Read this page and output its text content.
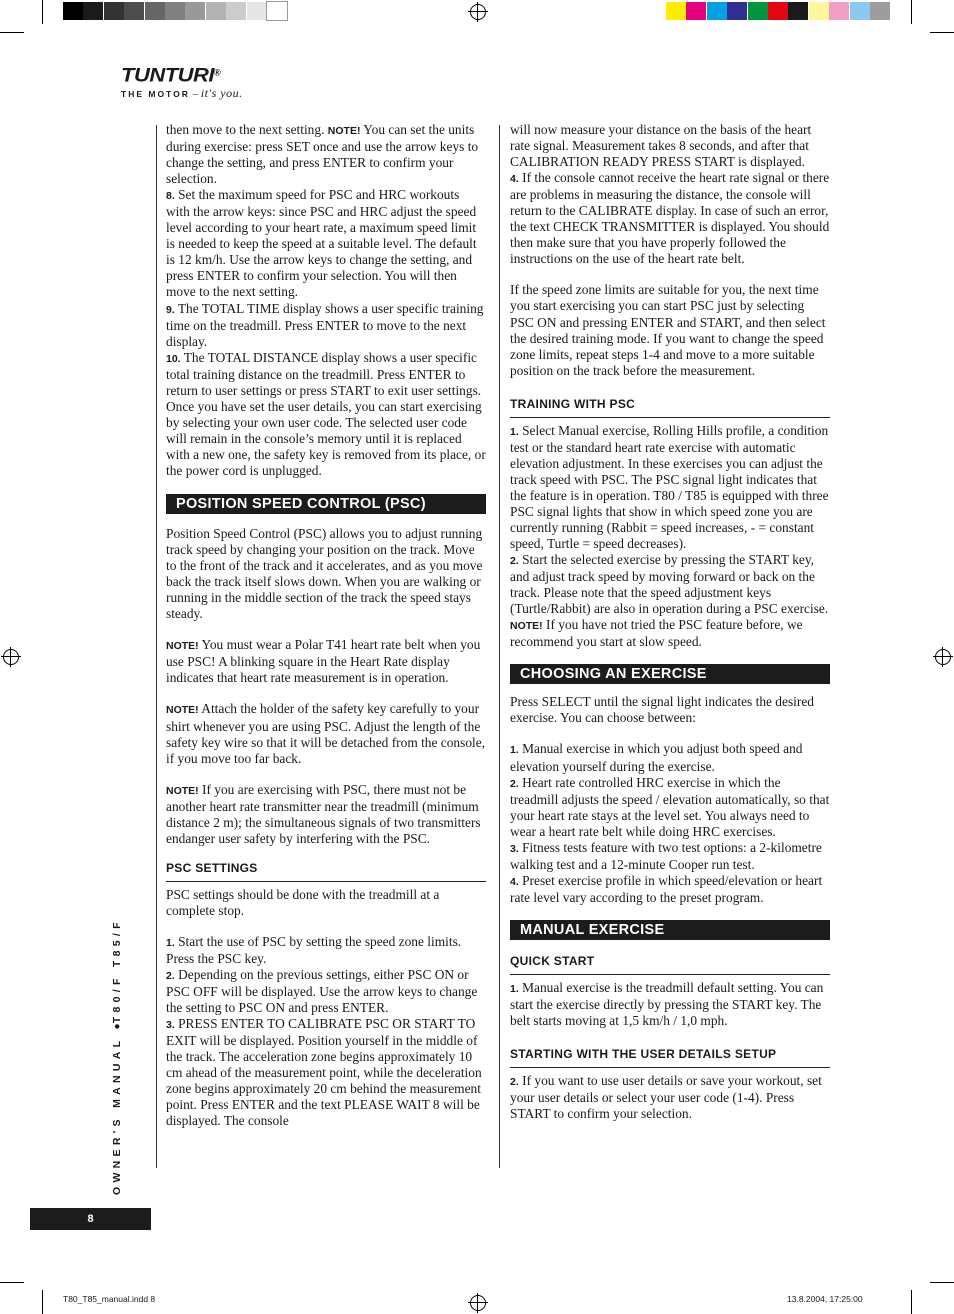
TUNTURI®
THE MOTOR – it's you.

then move to the next setting. NOTE! You can set the units during exercise: press SET once and use the arrow keys to change the setting, and press ENTER to confirm your selection.

8. Set the maximum speed for PSC and HRC workouts with the arrow keys: since PSC and HRC adjust the speed level according to your heart rate, a maximum speed limit is needed to keep the speed at a suitable level. The default is 12 km/h. Use the arrow keys to change the setting, and press ENTER to confirm your selection. You will then move to the next setting.

9. The TOTAL TIME display shows a user specific training time on the treadmill. Press ENTER to move to the next display.

10. The TOTAL DISTANCE display shows a user specific total training distance on the treadmill. Press ENTER to return to user settings or press START to exit user settings.

Once you have set the user details, you can start exercising by selecting your own user code. The selected user code will remain in the console’s memory until it is replaced with a new one, the safety key is removed from its place, or the power cord is unplugged.

POSITION SPEED CONTROL (PSC)

Position Speed Control (PSC) allows you to adjust running track speed by changing your position on the track. Move to the front of the track and it accelerates, and as you move back the track itself slows down. When you are walking or running in the middle section of the track the speed stays steady.

NOTE! You must wear a Polar T41 heart rate belt when you use PSC! A blinking square in the Heart Rate display indicates that heart rate measurement is in operation.

NOTE! Attach the holder of the safety key carefully to your shirt whenever you are using PSC. Adjust the length of the safety key wire so that it will be detached from the console, if you move too far back.

NOTE! If you are exercising with PSC, there must not be another heart rate transmitter near the treadmill (minimum distance 2 m); the simultaneous signals of two transmitters endanger user safety by interfering with the PSC.

PSC SETTINGS

PSC settings should be done with the treadmill at a complete stop.

1. Start the use of PSC by setting the speed zone limits. Press the PSC key.

2. Depending on the previous settings, either PSC ON or PSC OFF will be displayed. Use the arrow keys to change the setting to PSC ON and press ENTER.

3. PRESS ENTER TO CALIBRATE PSC OR START TO EXIT will be displayed. Position yourself in the middle of the track. The acceleration zone begins approximately 10 cm ahead of the measurement point, while the deceleration zone begins approximately 20 cm behind the measurement point. Press ENTER and the text PLEASE WAIT 8 will be displayed. The console

will now measure your distance on the basis of the heart rate signal. Measurement takes 8 seconds, and after that CALIBRATION READY PRESS START is displayed.

4. If the console cannot receive the heart rate signal or there are problems in measuring the distance, the console will return to the CALIBRATE display. In case of such an error, the text CHECK TRANSMITTER is displayed. You should then make sure that you have properly followed the instructions on the use of the heart rate belt.

If the speed zone limits are suitable for you, the next time you start exercising you can start PSC just by selecting PSC ON and pressing ENTER and START, and then select the desired training mode. If you want to change the speed zone limits, repeat steps 1-4 and move to a more suitable position on the track before the measurement.

TRAINING WITH PSC

1. Select Manual exercise, Rolling Hills profile, a condition test or the standard heart rate exercise with automatic elevation adjustment. In these exercises you can adjust the track speed with PSC. The PSC signal light indicates that the feature is in operation. T80 / T85 is equipped with three PSC signal lights that show in which speed zone you are currently running (Rabbit = speed increases, - = constant speed, Turtle = speed decreases).

2. Start the selected exercise by pressing the START key, and adjust track speed by moving forward or back on the track. Please note that the speed adjustment keys (Turtle/Rabbit) are also in operation during a PSC exercise. NOTE! If you have not tried the PSC feature before, we recommend you start at slow speed.

CHOOSING AN EXERCISE

Press SELECT until the signal light indicates the desired exercise. You can choose between:

1. Manual exercise in which you adjust both speed and elevation yourself during the exercise.

2. Heart rate controlled HRC exercise in which the treadmill adjusts the speed / elevation automatically, so that your heart rate stays at the level set. You always need to wear a heart rate belt while doing HRC exercises.

3. Fitness tests feature with two test options: a 2-kilometre walking test and a 12-minute Cooper run test.

4. Preset exercise profile in which speed/elevation or heart rate level vary according to the preset program.

MANUAL EXERCISE

QUICK START

1. Manual exercise is the treadmill default setting. You can start the exercise directly by pressing the START key. The belt starts moving at 1,5 km/h / 1,0 mph.

STARTING WITH THE USER DETAILS SETUP

2. If you want to use user details or save your workout, set your user details or select your user code (1-4). Press START to confirm your selection.

OWNER'S MANUAL ●T80/F T85/F
8
T80_T85_manual.indd 8	13.8.2004, 17:25:00
